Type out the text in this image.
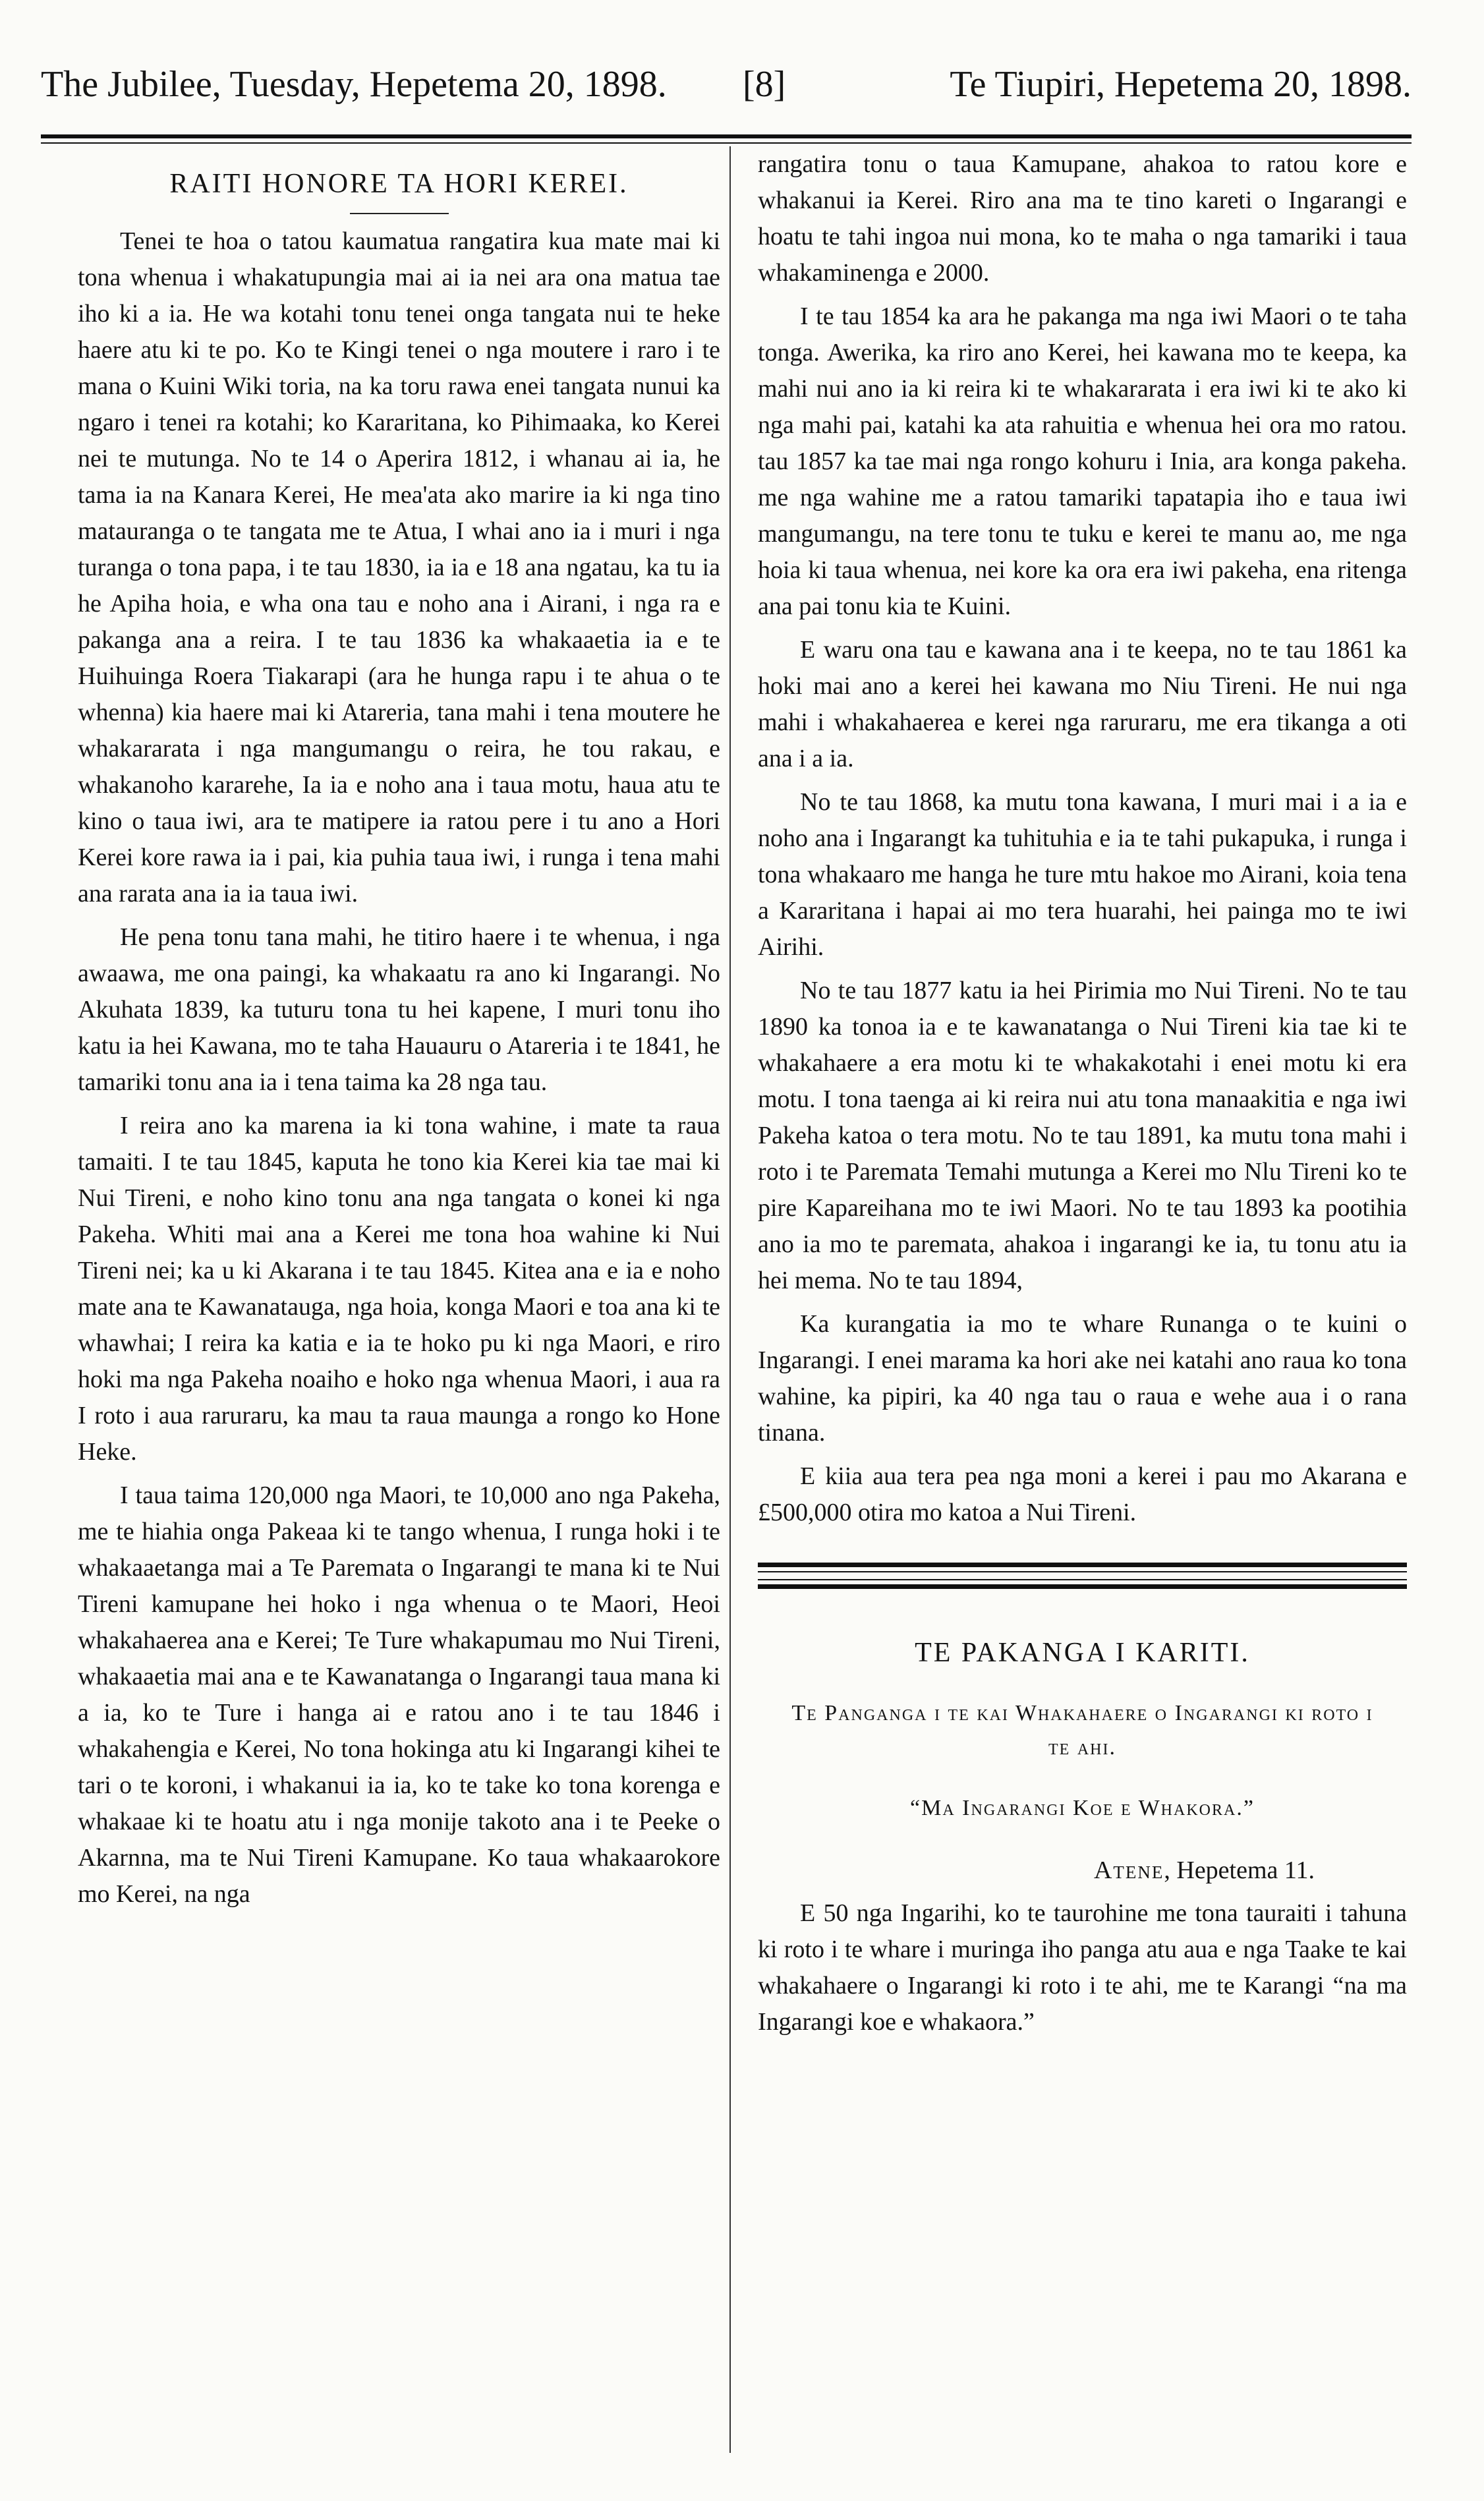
The Jubilee, Tuesday, Hepetema 20, 1898. [8]	Te Tiupiri, Hepetema 20, 1898.
RAITI HONORE TA HORI KEREI.

Tenei te hoa o tatou kaumatua rangatira kua mate mai ki tona whenua i whakatupungia mai ai ia nei ara ona matua tae iho ki a ia. He wa kotahi tonu tenei onga tangata nui te heke haere atu ki te po. Ko te Kingi tenei o nga moutere i raro i te mana o Kuini Wiki toria, na ka toru rawa enei tangata nunui ka ngaro i tenei ra kotahi; ko Kararitana, ko Pihimaaka, ko Kerei nei te mutunga. No te 14 o Aperira 1812, i whanau ai ia, he tama ia na Kanara Kerei, He mea'ata ako marire ia ki nga tino matauranga o te tangata me te Atua, I whai ano ia i muri i nga turanga o tona papa, i te tau 1830, ia ia e 18 ana ngatau, ka tu ia he Apiha hoia, e wha ona tau e noho ana i Airani, i nga ra e pakanga ana a reira. I te tau 1836 ka whakaaetia ia e te Huihuinga Roera Tiakarapi (ara he hunga rapu i te ahua o te whenna) kia haere mai ki Atareria, tana mahi i tena moutere he whakararata i nga mangumangu o reira, he tou rakau, e whakanoho kararehe, Ia ia e noho ana i taua motu, haua atu te kino o taua iwi, ara te matipere ia ratou pere i tu ano a Hori Kerei kore rawa ia i pai, kia puhia taua iwi, i runga i tena mahi ana rarata ana ia ia taua iwi.

He pena tonu tana mahi, he titiro haere i te whenua, i nga awaawa, me ona paingi, ka whakaatu ra ano ki Ingarangi. No Akuhata 1839, ka tuturu tona tu hei kapene, I muri tonu iho katu ia hei Kawana, mo te taha Hauauru o Atareria i te 1841, he tamariki tonu ana ia i tena taima ka 28 nga tau.

I reira ano ka marena ia ki tona wahine, i mate ta raua tamaiti. I te tau 1845, kaputa he tono kia Kerei kia tae mai ki Nui Tireni, e noho kino tonu ana nga tangata o konei ki nga Pakeha. Whiti mai ana a Kerei me tona hoa wahine ki Nui Tireni nei; ka u ki Akarana i te tau 1845. Kitea ana e ia e noho mate ana te Kawanatauga, nga hoia, konga Maori e toa ana ki te whawhai; I reira ka katia e ia te hoko pu ki nga Maori, e riro hoki ma nga Pakeha noaiho e hoko nga whenua Maori, i aua ra I roto i aua raruraru, ka mau ta raua maunga a rongo ko Hone Heke.

I taua taima 120,000 nga Maori, te 10,000 ano nga Pakeha, me te hiahia onga Pakeaa ki te tango whenua, I runga hoki i te whakaaetanga mai a Te Paremata o Ingarangi te mana ki te Nui Tireni kamupane hei hoko i nga whenua o te Maori, Heoi whakahaerea ana e Kerei; Te Ture whakapumau mo Nui Tireni, whakaaetia mai ana e te Kawanatanga o Ingarangi taua mana ki a ia, ko te Ture i hanga ai e ratou ano i te tau 1846 i whakahengia e Kerei, No tona hokinga atu ki Ingarangi kihei te tari o te koroni, i whakanui ia ia, ko te take ko tona korenga e whakaae ki te hoatu atu i nga monije takoto ana i te Peeke o Akarnna, ma te Nui Tireni Kamupane. Ko taua whakaarokore mo Kerei, na nga

rangatira tonu o taua Kamupane, ahakoa to ratou kore e whakanui ia Kerei. Riro ana ma te tino kareti o Ingarangi e hoatu te tahi ingoa nui mona, ko te maha o nga tamariki i taua whakaminenga e 2000.

I te tau 1854 ka ara he pakanga ma nga iwi Maori o te taha tonga. Awerika, ka riro ano Kerei, hei kawana mo te keepa, ka mahi nui ano ia ki reira ki te whakararata i era iwi ki te ako ki nga mahi pai, katahi ka ata rahuitia e whenua hei ora mo ratou. tau 1857 ka tae mai nga rongo kohuru i Inia, ara konga pakeha. me nga wahine me a ratou tamariki tapatapia iho e taua iwi mangumangu, na tere tonu te tuku e kerei te manu ao, me nga hoia ki taua whenua, nei kore ka ora era iwi pakeha, ena ritenga ana pai tonu kia te Kuini.

E waru ona tau e kawana ana i te keepa, no te tau 1861 ka hoki mai ano a kerei hei kawana mo Niu Tireni. He nui nga mahi i whakahaerea e kerei nga raruraru, me era tikanga a oti ana i a ia.

No te tau 1868, ka mutu tona kawana, I muri mai i a ia e noho ana i Ingarangt ka tuhituhia e ia te tahi pukapuka, i runga i tona whakaaro me hanga he ture mtu hakoe mo Airani, koia tena a Kararitana i hapai ai mo tera huarahi, hei painga mo te iwi Airihi.

No te tau 1877 katu ia hei Pirimia mo Nui Tireni. No te tau 1890 ka tonoa ia e te kawanatanga o Nui Tireni kia tae ki te whakahaere a era motu ki te whakakotahi i enei motu ki era motu. I tona taenga ai ki reira nui atu tona manaakitia e nga iwi Pakeha katoa o tera motu. No te tau 1891, ka mutu tona mahi i roto i te Paremata Temahi mutunga a Kerei mo Nlu Tireni ko te pire Kapareihana mo te iwi Maori. No te tau 1893 ka pootihia ano ia mo te paremata, ahakoa i ingarangi ke ia, tu tonu atu ia hei mema. No te tau 1894,

Ka kurangatia ia mo te whare Runanga o te kuini o Ingarangi. I enei marama ka hori ake nei katahi ano raua ko tona wahine, ka pipiri, ka 40 nga tau o raua e wehe aua i o rana tinana.

E kiia aua tera pea nga moni a kerei i pau mo Akarana e £500,000 otira mo katoa a Nui Tireni.

TE PAKANGA I KARITI.
Te Panganga i te kai Whakahaere o Ingarangi ki roto i te ahi.
“Ma Ingarangi Koe e Whakora.”
Atene, Hepetema 11.

E 50 nga Ingarihi, ko te taurohine me tona tauraiti i tahuna ki roto i te whare i muringa iho panga atu aua e nga Taake te kai whakahaere o Ingarangi ki roto i te ahi, me te Karangi “na ma Ingarangi koe e whakaora.”
